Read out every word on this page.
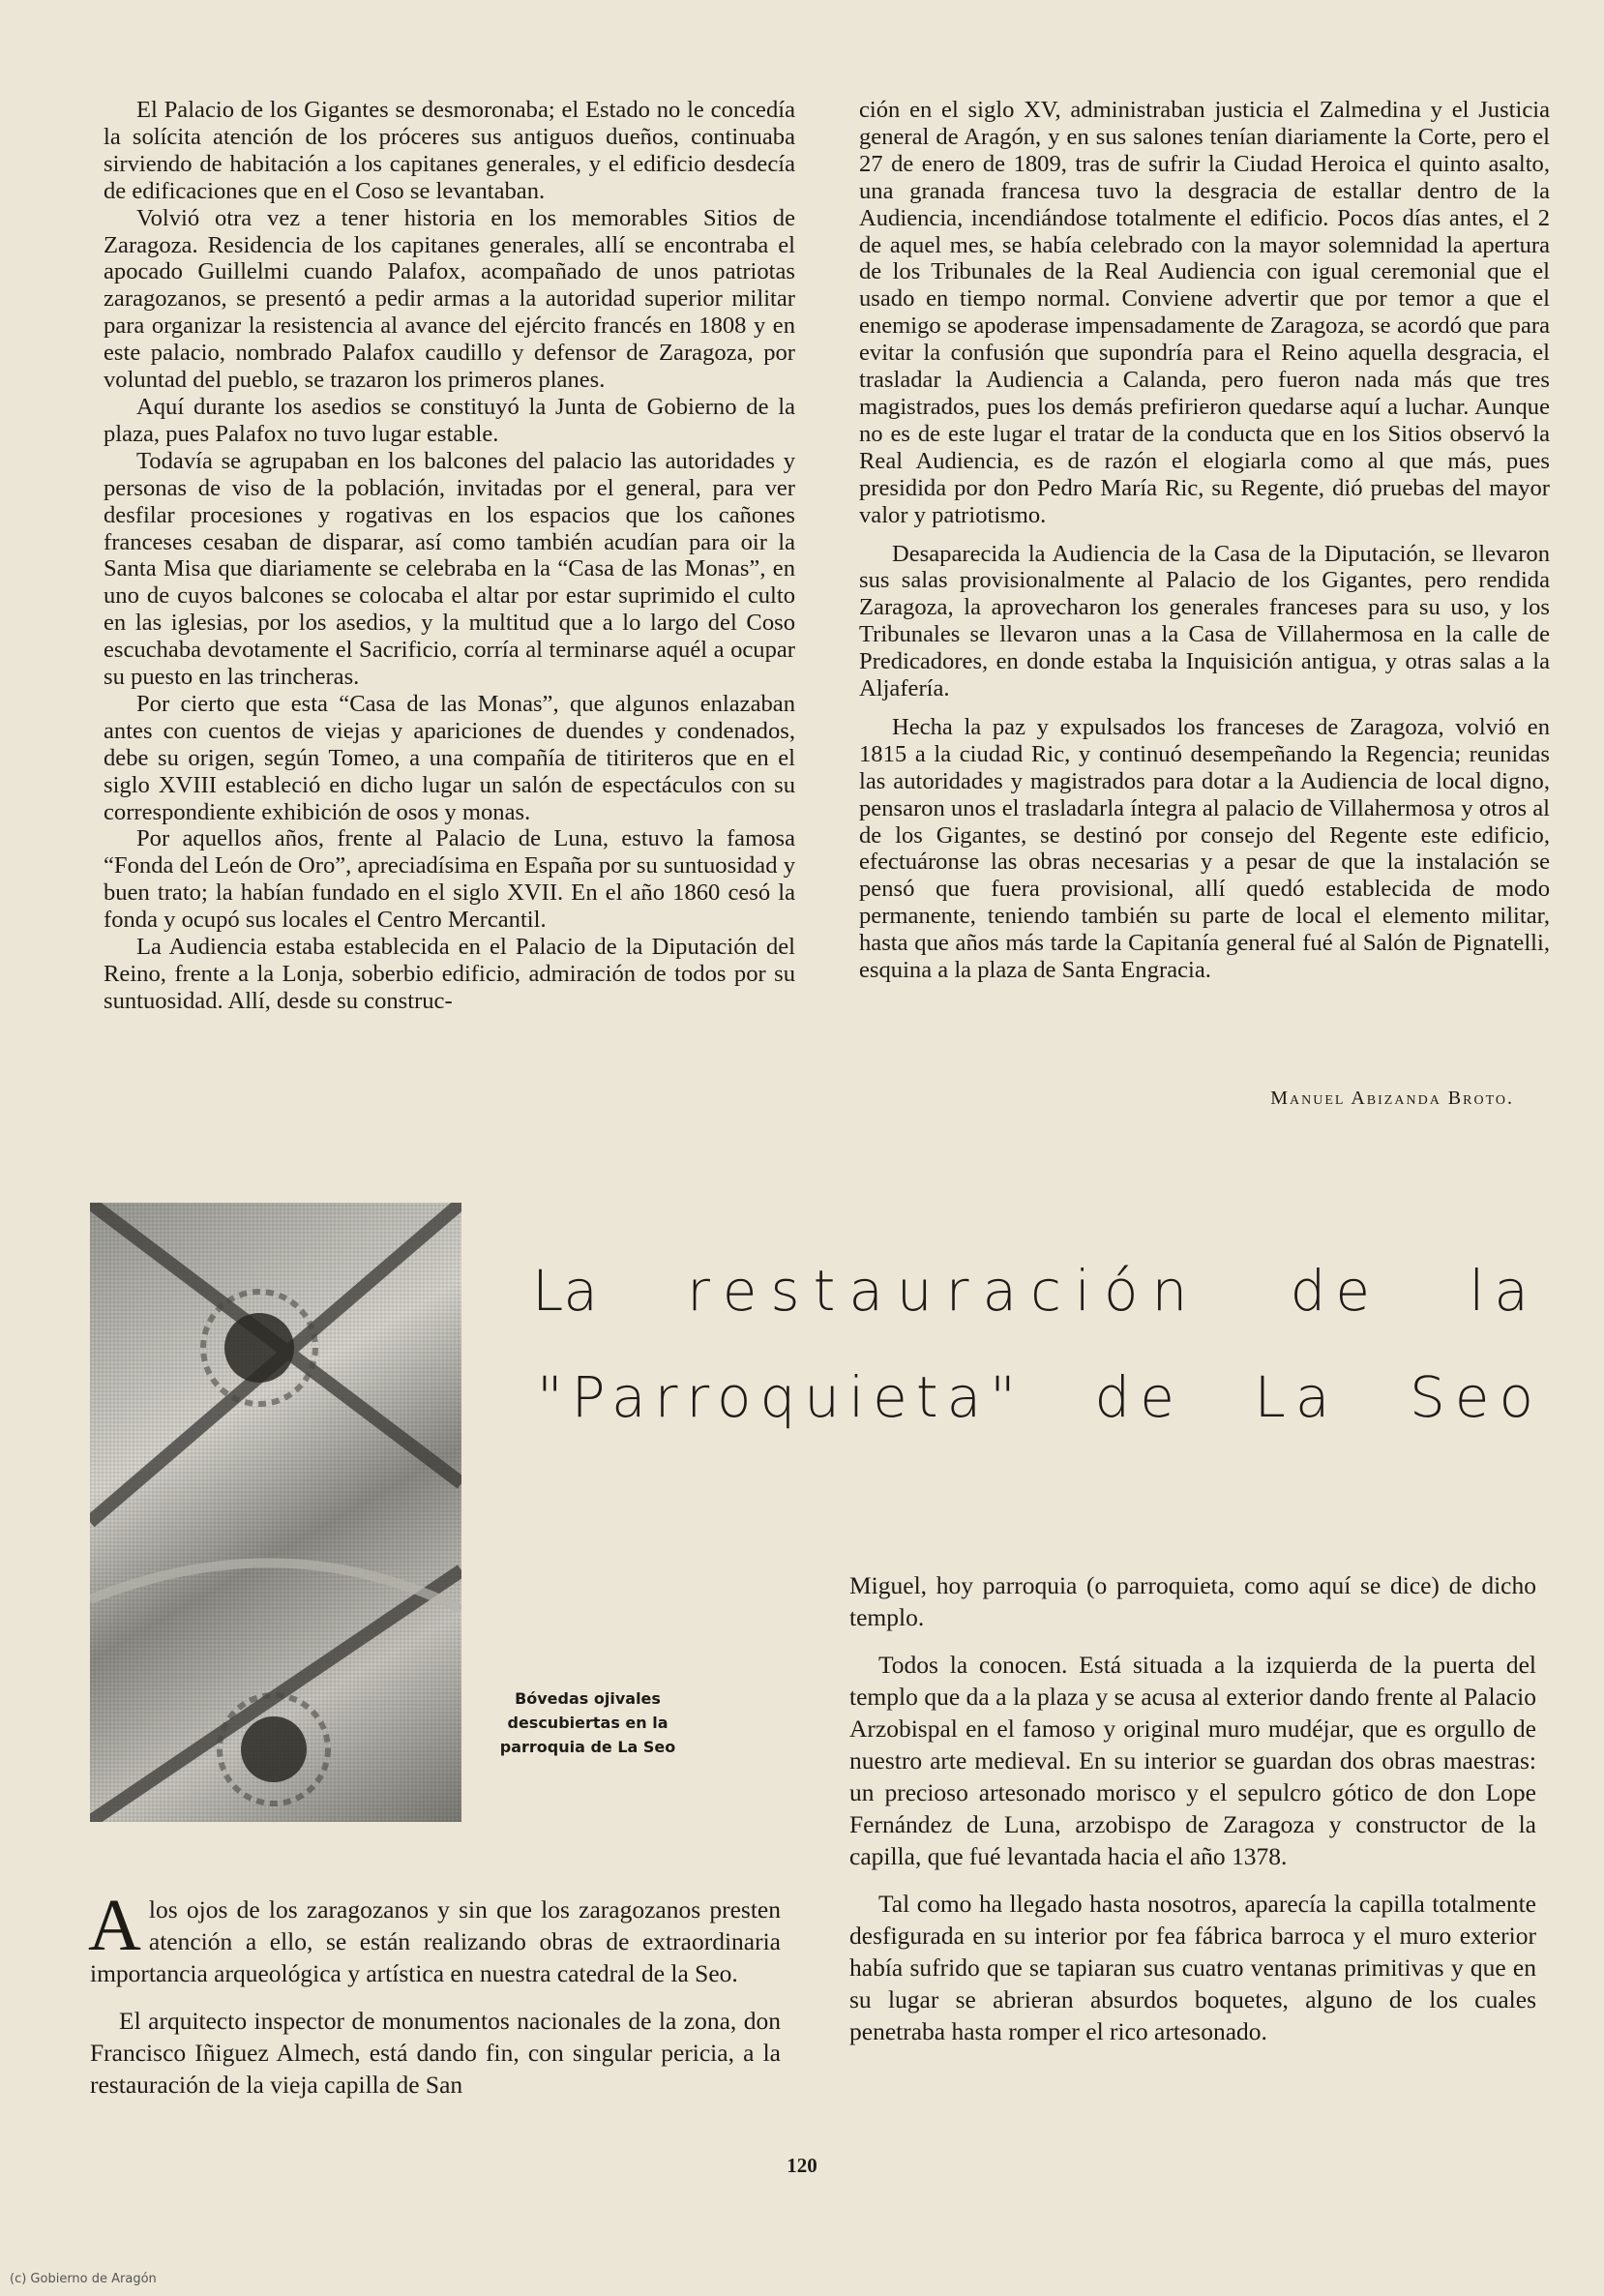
El Palacio de los Gigantes se desmoronaba; el Estado no le concedía la solícita atención de los próceres sus antiguos dueños, continuaba sirviendo de habitación a los capitanes generales, y el edificio desdecía de edificaciones que en el Coso se levantaban.

Volvió otra vez a tener historia en los memorables Sitios de Zaragoza. Residencia de los capitanes generales, allí se encontraba el apocado Guillelmi cuando Palafox, acompañado de unos patriotas zaragozanos, se presentó a pedir armas a la autoridad superior militar para organizar la resistencia al avance del ejército francés en 1808 y en este palacio, nombrado Palafox caudillo y defensor de Zaragoza, por voluntad del pueblo, se trazaron los primeros planes.

Aquí durante los asedios se constituyó la Junta de Gobierno de la plaza, pues Palafox no tuvo lugar estable.

Todavía se agrupaban en los balcones del palacio las autoridades y personas de viso de la población, invitadas por el general, para ver desfilar procesiones y rogativas en los espacios que los cañones franceses cesaban de disparar, así como también acudían para oir la Santa Misa que diariamente se celebraba en la “Casa de las Monas”, en uno de cuyos balcones se colocaba el altar por estar suprimido el culto en las iglesias, por los asedios, y la multitud que a lo largo del Coso escuchaba devotamente el Sacrificio, corría al terminarse aquél a ocupar su puesto en las trincheras.

Por cierto que esta “Casa de las Monas”, que algunos enlazaban antes con cuentos de viejas y apariciones de duendes y condenados, debe su origen, según Tomeo, a una compañía de titiriteros que en el siglo XVIII estableció en dicho lugar un salón de espectáculos con su correspondiente exhibición de osos y monas.

Por aquellos años, frente al Palacio de Luna, estuvo la famosa “Fonda del León de Oro”, apreciadísima en España por su suntuosidad y buen trato; la habían fundado en el siglo XVII. En el año 1860 cesó la fonda y ocupó sus locales el Centro Mercantil.

La Audiencia estaba establecida en el Palacio de la Diputación del Reino, frente a la Lonja, soberbio edificio, admiración de todos por su suntuosidad. Allí, desde su construc-

ción en el siglo XV, administraban justicia el Zalmedina y el Justicia general de Aragón, y en sus salones tenían diariamente la Corte, pero el 27 de enero de 1809, tras de sufrir la Ciudad Heroica el quinto asalto, una granada francesa tuvo la desgracia de estallar dentro de la Audiencia, incendiándose totalmente el edificio. Pocos días antes, el 2 de aquel mes, se había celebrado con la mayor solemnidad la apertura de los Tribunales de la Real Audiencia con igual ceremonial que el usado en tiempo normal. Conviene advertir que por temor a que el enemigo se apoderase impensadamente de Zaragoza, se acordó que para evitar la confusión que supondría para el Reino aquella desgracia, el trasladar la Audiencia a Calanda, pero fueron nada más que tres magistrados, pues los demás prefirieron quedarse aquí a luchar. Aunque no es de este lugar el tratar de la conducta que en los Sitios observó la Real Audiencia, es de razón el elogiarla como al que más, pues presidida por don Pedro María Ric, su Regente, dió pruebas del mayor valor y patriotismo.

Desaparecida la Audiencia de la Casa de la Diputación, se llevaron sus salas provisionalmente al Palacio de los Gigantes, pero rendida Zaragoza, la aprovecharon los generales franceses para su uso, y los Tribunales se llevaron unas a la Casa de Villahermosa en la calle de Predicadores, en donde estaba la Inquisición antigua, y otras salas a la Aljafería.

Hecha la paz y expulsados los franceses de Zaragoza, volvió en 1815 a la ciudad Ric, y continuó desempeñando la Regencia; reunidas las autoridades y magistrados para dotar a la Audiencia de local digno, pensaron unos el trasladarla íntegra al palacio de Villahermosa y otros al de los Gigantes, se destinó por consejo del Regente este edificio, efectuáronse las obras necesarias y a pesar de que la instalación se pensó que fuera provisional, allí quedó establecida de modo permanente, teniendo también su parte de local el elemento militar, hasta que años más tarde la Capitanía general fué al Salón de Pignatelli, esquina a la plaza de Santa Engracia.

Manuel Abizanda Broto.
Bóvedas ojivales descubiertas en la parroquia de La Seo
La restauración de la
"Parroquieta" de La Seo

Miguel, hoy parroquia (o parroquieta, como aquí se dice) de dicho templo.

Todos la conocen. Está situada a la izquierda de la puerta del templo que da a la plaza y se acusa al exterior dando frente al Palacio Arzobispal en el famoso y original muro mudéjar, que es orgullo de nuestro arte medieval. En su interior se guardan dos obras maestras: un precioso artesonado morisco y el sepulcro gótico de don Lope Fernández de Luna, arzobispo de Zaragoza y constructor de la capilla, que fué levantada hacia el año 1378.

Tal como ha llegado hasta nosotros, aparecía la capilla totalmente desfigurada en su interior por fea fábrica barroca y el muro exterior había sufrido que se tapiaran sus cuatro ventanas primitivas y que en su lugar se abrieran absurdos boquetes, alguno de los cuales penetraba hasta romper el rico artesonado.

A los ojos de los zaragozanos y sin que los zaragozanos presten atención a ello, se están realizando obras de extraordinaria importancia arqueológica y artística en nuestra catedral de la Seo.

El arquitecto inspector de monumentos nacionales de la zona, don Francisco Iñiguez Almech, está dando fin, con singular pericia, a la restauración de la vieja capilla de San

120
(c) Gobierno de Aragón
